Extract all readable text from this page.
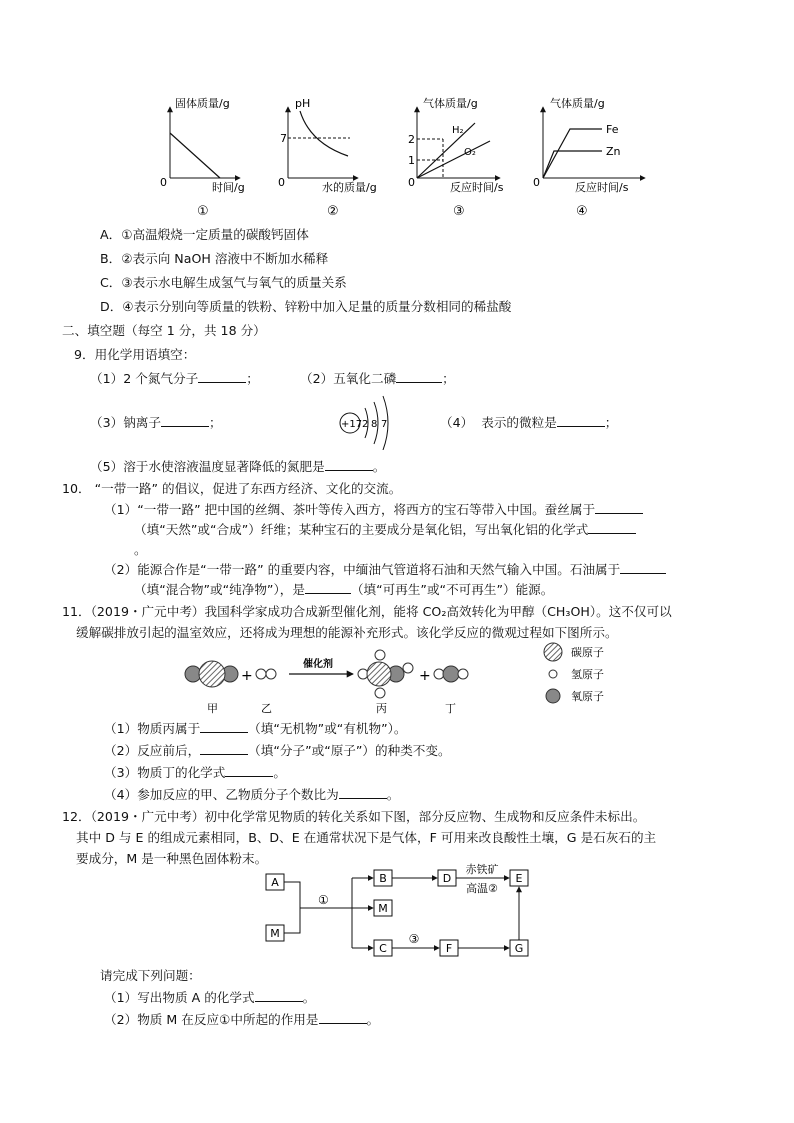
固体质量/g
0	时间/g
①
pH
7
0	水的质量/g
②
气体质量/g
2
1
H₂
O₂
0	反应时间/s
③
气体质量/g
Fe
Zn
0	反应时间/s
④
A．①高温煅烧一定质量的碳酸钙固体
B．②表示向 NaOH 溶液中不断加水稀释
C．③表示水电解生成氢气与氧气的质量关系
D．④表示分别向等质量的铁粉、锌粉中加入足量的质量分数相同的稀盐酸
二、填空题（每空 1 分，共 18 分）
9．用化学用语填空：
（1）2 个氮气分子	；	（2）五氧化二磷	；
（3）钠离子	；	+17 2 8 7	（4） 表示的微粒是	；
（5）溶于水使溶液温度显著降低的氮肥是	。
10． “一带一路” 的倡议，促进了东西方经济、文化的交流。
（1）“一带一路” 把中国的丝绸、茶叶等传入西方，将西方的宝石等带入中国。蚕丝属于
（填“天然”或“合成”）纤维；某种宝石的主要成分是氧化铝，写出氧化铝的化学式
。
（2）能源合作是“一带一路” 的重要内容，中缅油气管道将石油和天然气输入中国。石油属于
（填“混合物”或“纯净物”），是	（填“可再生”或“不可再生”）能源。
11．（2019・广元中考）我国科学家成功合成新型催化剂，能将 CO₂高效转化为甲醇（CH₃OH）。这不仅可以
缓解碳排放引起的温室效应，还将成为理想的能源补充形式。该化学反应的微观过程如下图所示。
+
催化剂
+
甲	乙	丙	丁
碳原子
氢原子
氧原子
（1）物质丙属于	（填“无机物”或“有机物”）。
（2）反应前后，	（填“分子”或“原子”）的种类不变。
（3）物质丁的化学式	。
（4）参加反应的甲、乙物质分子个数比为	。
12．（2019・广元中考）初中化学常见物质的转化关系如下图，部分反应物、生成物和反应条件未标出。
其中 D 与 E 的组成元素相同，B、D、E 在通常状况下是气体，F 可用来改良酸性土壤，G 是石灰石的主
要成分，M 是一种黑色固体粉末。
A
M
B
M
C
D	E
F	G
①
赤铁矿
高温②
③
请完成下列问题：
（1）写出物质 A 的化学式	。
（2）物质 M 在反应①中所起的作用是	。
